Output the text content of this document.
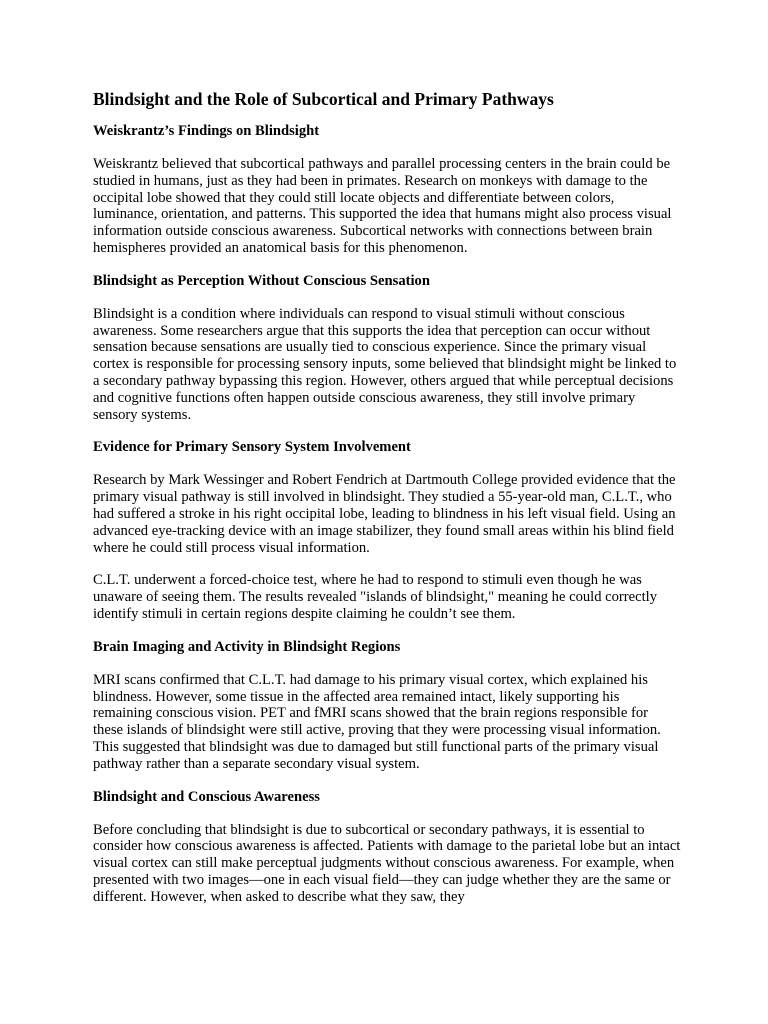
Blindsight and the Role of Subcortical and Primary Pathways
Weiskrantz’s Findings on Blindsight

Weiskrantz believed that subcortical pathways and parallel processing centers in the brain could be studied in humans, just as they had been in primates. Research on monkeys with damage to the occipital lobe showed that they could still locate objects and differentiate between colors, luminance, orientation, and patterns. This supported the idea that humans might also process visual information outside conscious awareness. Subcortical networks with connections between brain hemispheres provided an anatomical basis for this phenomenon.

Blindsight as Perception Without Conscious Sensation

Blindsight is a condition where individuals can respond to visual stimuli without conscious awareness. Some researchers argue that this supports the idea that perception can occur without sensation because sensations are usually tied to conscious experience. Since the primary visual cortex is responsible for processing sensory inputs, some believed that blindsight might be linked to a secondary pathway bypassing this region. However, others argued that while perceptual decisions and cognitive functions often happen outside conscious awareness, they still involve primary sensory systems.

Evidence for Primary Sensory System Involvement

Research by Mark Wessinger and Robert Fendrich at Dartmouth College provided evidence that the primary visual pathway is still involved in blindsight. They studied a 55-year-old man, C.L.T., who had suffered a stroke in his right occipital lobe, leading to blindness in his left visual field. Using an advanced eye-tracking device with an image stabilizer, they found small areas within his blind field where he could still process visual information.

C.L.T. underwent a forced-choice test, where he had to respond to stimuli even though he was unaware of seeing them. The results revealed "islands of blindsight," meaning he could correctly identify stimuli in certain regions despite claiming he couldn’t see them.

Brain Imaging and Activity in Blindsight Regions

MRI scans confirmed that C.L.T. had damage to his primary visual cortex, which explained his blindness. However, some tissue in the affected area remained intact, likely supporting his remaining conscious vision. PET and fMRI scans showed that the brain regions responsible for these islands of blindsight were still active, proving that they were processing visual information. This suggested that blindsight was due to damaged but still functional parts of the primary visual pathway rather than a separate secondary visual system.

Blindsight and Conscious Awareness

Before concluding that blindsight is due to subcortical or secondary pathways, it is essential to consider how conscious awareness is affected. Patients with damage to the parietal lobe but an intact visual cortex can still make perceptual judgments without conscious awareness. For example, when presented with two images—one in each visual field—they can judge whether they are the same or different. However, when asked to describe what they saw, they
